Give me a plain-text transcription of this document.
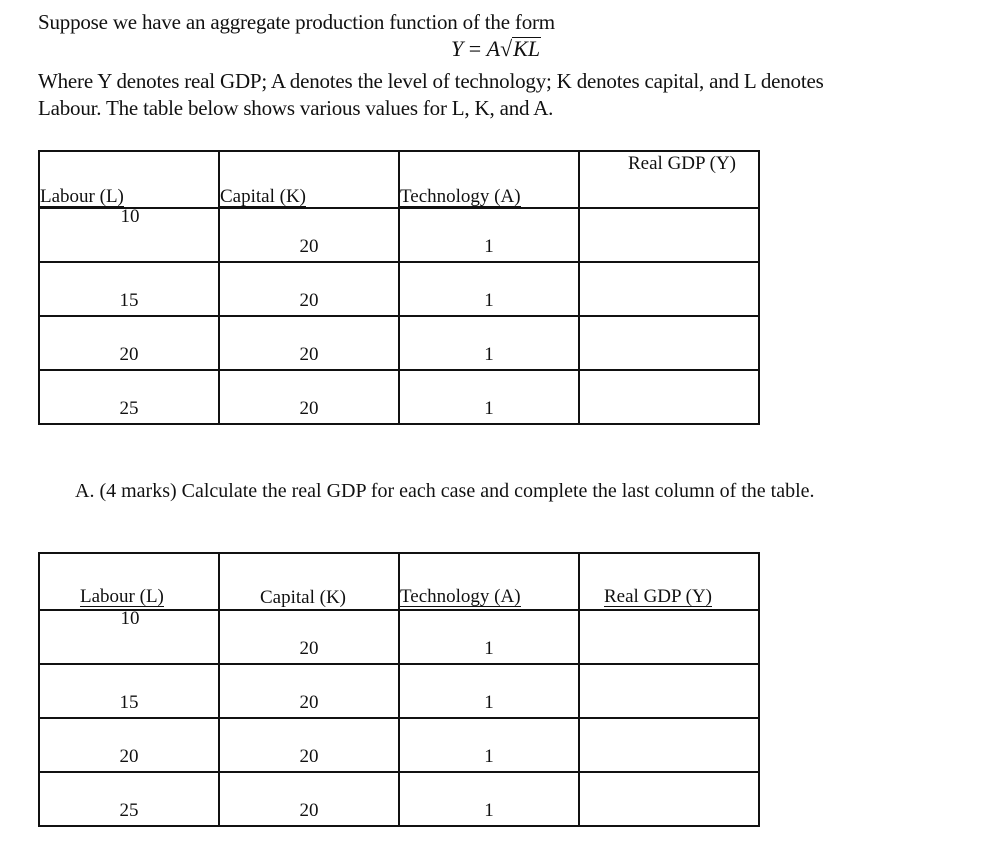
Suppose we have an aggregate production function of the form
Y = A√KL
Where Y denotes real GDP; A denotes the level of technology; K denotes capital, and L denotes
Labour. The table below shows various values for L, K, and A.
Labour (L)	Capital (K)	Technology (A)	Real GDP (Y)

10	20	1	

15	20	1	

20	20	1	

25	20	1	

A. (4 marks) Calculate the real GDP for each case and complete the last column of the table.
Labour (L)	Capital (K)	Technology (A)	Real GDP (Y)

10	20	1	

15	20	1	

20	20	1	

25	20	1	
